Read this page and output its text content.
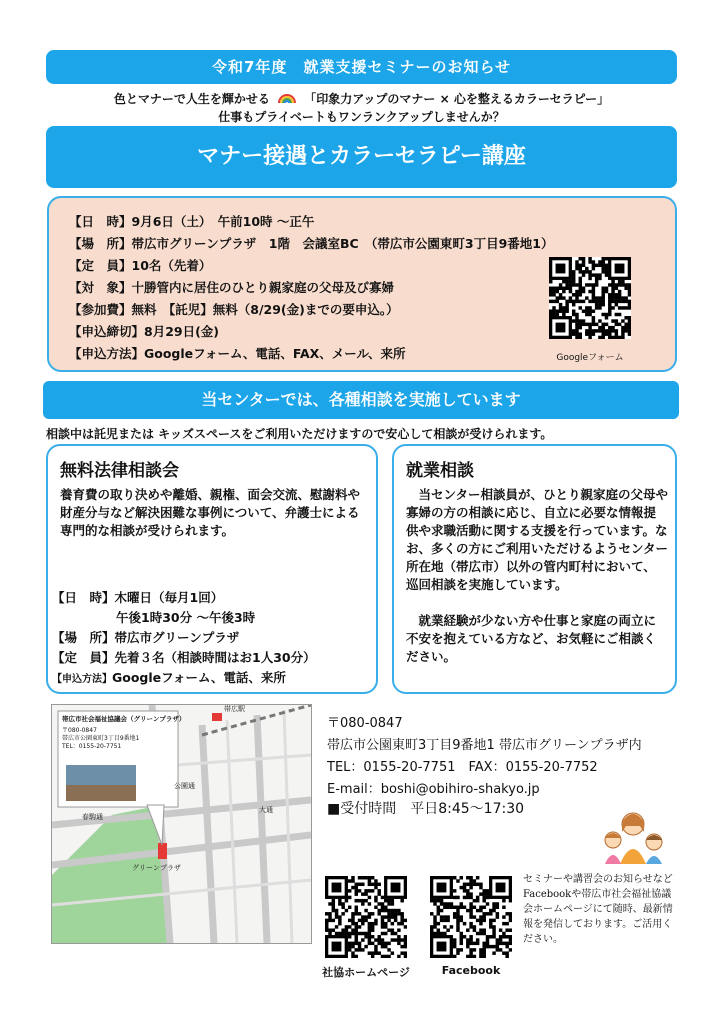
令和7年度　就業支援セミナーのお知らせ
色とマナーで人生を輝かせる	「印象力アップのマナー × 心を整えるカラーセラピー」
仕事もプライベートもワンランクアップしませんか？
マナー接遇とカラーセラピー講座
【日　時】9月6日（土）　午前10時 ～正午
【場　所】帯広市グリーンプラザ　1階　会議室BC　（帯広市公園東町3丁目9番地1）
【定　員】10名（先着）
【対　象】十勝管内に居住のひとり親家庭の父母及び寡婦
【参加費】無料　【託児】無料（8/29(金)までの要申込。）
【申込締切】8月29日(金)
【申込方法】Googleフォーム、電話、FAX、メール、来所	Googleフォーム
当センターでは、各種相談を実施しています
相談中は託児または キッズスペースをご利用いただけますので安心して相談が受けられます。
無料法律相談会
養育費の取り決めや離婚、親権、面会交流、慰謝料や財産分与など解決困難な事例について、弁護士による専門的な相談が受けられます。
【日　時】木曜日（毎月1回）
午後1時30分 ～午後3時
【場　所】帯広市グリーンプラザ
【定　員】先着３名（相談時間はお1人30分）
【申込方法】Googleフォーム、電話、来所
就業相談
　当センター相談員が、ひとり親家庭の父母や寡婦の方の相談に応じ、自立に必要な情報提供や求職活動に関する支援を行っています。なお、多くの方にご利用いただけるようセンター所在地（帯広市）以外の管内町村において、巡回相談を実施しています。
　就業経験が少ない方や仕事と家庭の両立に不安を抱えている方など、お気軽にご相談ください。
帯広市社会福祉協議会（グリーンプラザ）
〒080-0847
帯広市公園東町3丁目9番地1
TEL：0155-20-7751
グリーンプラザ
帯広駅
公園通
春駒通
大通
〒080-0847
帯広市公園東町3丁目9番地1 帯広市グリーンプラザ内
TEL：0155-20-7751　FAX：0155-20-7752
E-mail：boshi@obihiro-shakyo.jp
■受付時間　平日8:45～17:30
社協ホームページ	Facebook
セミナーや講習会のお知らせなどFacebookや帯広市社会福祉協議会ホームページにて随時、最新情報を発信しております。ご活用ください。
